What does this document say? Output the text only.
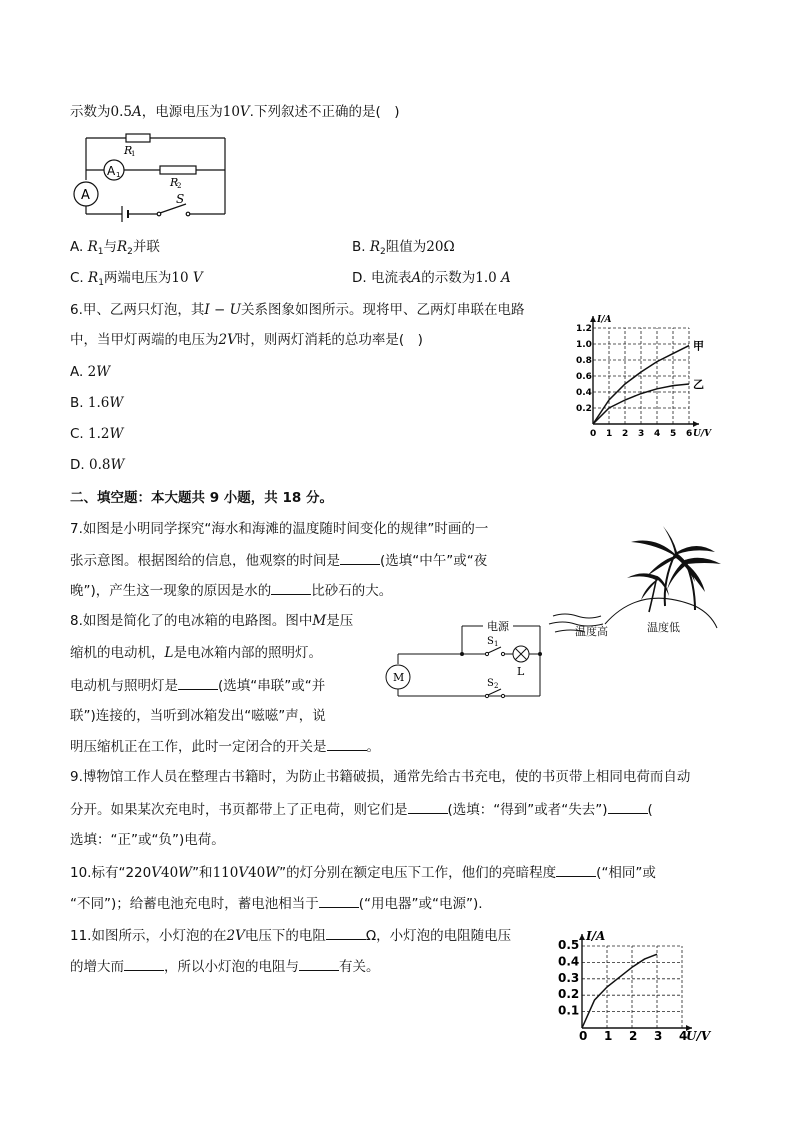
示数为0.5A，电源电压为10V.下列叙述不正确的是(　)
R
1
R
2
A 1
A	S
A. $R_1$与$R_2$并联	B. $R_2$阻值为20Ω
C. $R_1$两端电压为10 V	D. 电流表A的示数为1.0 A
6.甲、乙两只灯泡，其I − U关系图象如图所示。现将甲、乙两灯串联在电路
中，当甲灯两端的电压为2V时，则两灯消耗的总功率是(　)
A. 2W
B. 1.6W
C. 1.2W
D. 0.8W
0 1 2 3 4 5 6
0.2
0.4
0.6
0.8
1.0
1.2
U/V
I/A
甲
乙
二、填空题：本大题共 9 小题，共 18 分。
7.如图是小明同学探究“海水和海滩的温度随时间变化的规律”时画的一
张示意图。根据图给的信息，他观察的时间是	(选填“中午”或“夜
晚”)，产生这一现象的原因是水的	比砂石的大。
温度高	温度低
8.如图是简化了的电冰箱的电路图。图中M是压
缩机的电动机，L是电冰箱内部的照明灯。
电动机与照明灯是	(选填“串联”或“并
联”)连接的，当听到冰箱发出“嗞嗞”声，说
明压缩机正在工作，此时一定闭合的开关是	。
电源
M	L
S 1
S 2
9.博物馆工作人员在整理古书籍时，为防止书籍破损，通常先给古书充电，使的书页带上相同电荷而自动
分开。如果某次充电时，书页都带上了正电荷，则它们是	(选填：“得到”或者“失去”)	(
选填：“正”或“负”)电荷。
10.标有“220V40W”和110V40W”的灯分别在额定电压下工作，他们的亮暗程度	(“相同”或
“不同”)；给蓄电池充电时，蓄电池相当于	(“用电器”或“电源”).
11.如图所示，小灯泡的在2V电压下的电阻	Ω，小灯泡的电阻随电压
的增大而	，所以小灯泡的电阻与	有关。
0 1 2 3 4
0.1
0.2
0.3
0.4
0.5
U/V
I/A
